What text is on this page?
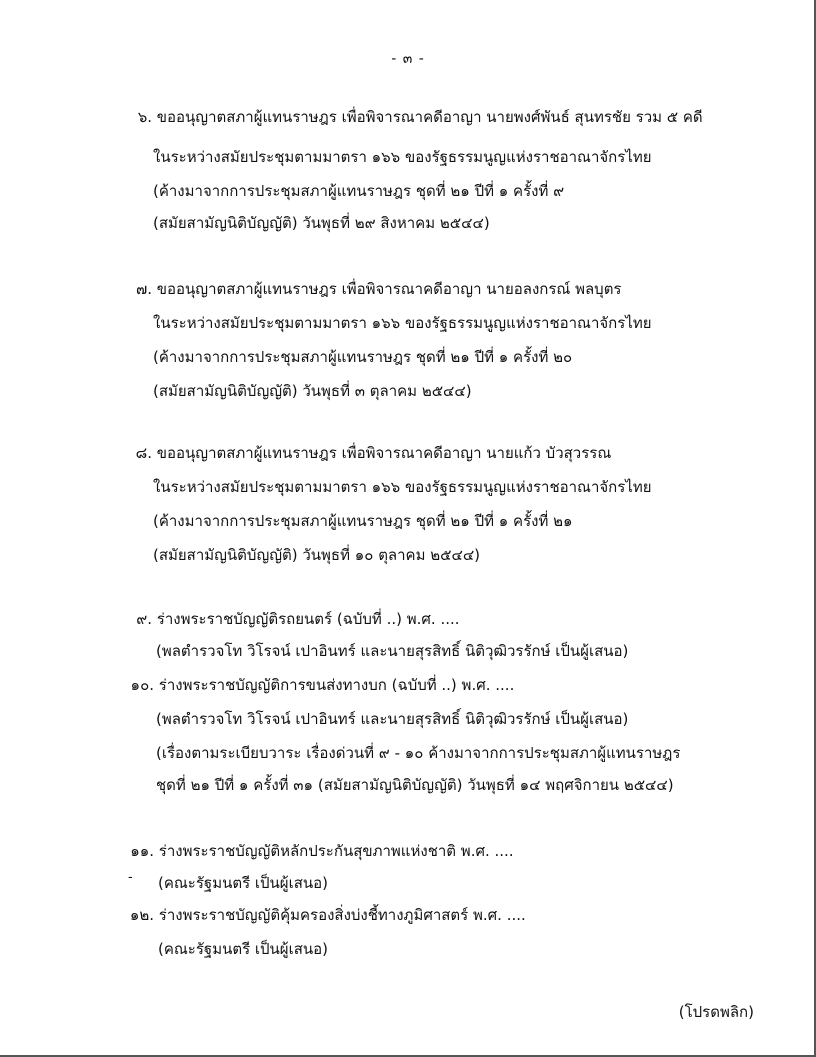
- ๓ -
๖. ขออนุญาตสภาผู้แทนราษฎร เพื่อพิจารณาคดีอาญา นายพงศ์พันธ์ สุนทรชัย รวม ๕ คดี
ในระหว่างสมัยประชุมตามมาตรา ๑๖๖ ของรัฐธรรมนูญแห่งราชอาณาจักรไทย
(ค้างมาจากการประชุมสภาผู้แทนราษฎร ชุดที่ ๒๑ ปีที่ ๑ ครั้งที่ ๙
(สมัยสามัญนิติบัญญัติ) วันพุธที่ ๒๙ สิงหาคม ๒๕๔๔)
๗. ขออนุญาตสภาผู้แทนราษฎร เพื่อพิจารณาคดีอาญา นายอลงกรณ์ พลบุตร
ในระหว่างสมัยประชุมตามมาตรา ๑๖๖ ของรัฐธรรมนูญแห่งราชอาณาจักรไทย
(ค้างมาจากการประชุมสภาผู้แทนราษฎร ชุดที่ ๒๑ ปีที่ ๑ ครั้งที่ ๒๐
(สมัยสามัญนิติบัญญัติ) วันพุธที่ ๓ ตุลาคม ๒๕๔๔)
๘. ขออนุญาตสภาผู้แทนราษฎร เพื่อพิจารณาคดีอาญา นายแก้ว บัวสุวรรณ
ในระหว่างสมัยประชุมตามมาตรา ๑๖๖ ของรัฐธรรมนูญแห่งราชอาณาจักรไทย
(ค้างมาจากการประชุมสภาผู้แทนราษฎร ชุดที่ ๒๑ ปีที่ ๑ ครั้งที่ ๒๑
(สมัยสามัญนิติบัญญัติ) วันพุธที่ ๑๐ ตุลาคม ๒๕๔๔)
๙. ร่างพระราชบัญญัติรถยนตร์ (ฉบับที่ ..) พ.ศ. ....
(พลตำรวจโท วิโรจน์ เปาอินทร์ และนายสุรสิทธิ์ นิติวุฒิวรรักษ์ เป็นผู้เสนอ)
๑๐. ร่างพระราชบัญญัติการขนส่งทางบก (ฉบับที่ ..) พ.ศ. ....
(พลตำรวจโท วิโรจน์ เปาอินทร์ และนายสุรสิทธิ์ นิติวุฒิวรรักษ์ เป็นผู้เสนอ)
(เรื่องตามระเบียบวาระ เรื่องด่วนที่ ๙ - ๑๐ ค้างมาจากการประชุมสภาผู้แทนราษฎร
ชุดที่ ๒๑ ปีที่ ๑ ครั้งที่ ๓๑ (สมัยสามัญนิติบัญญัติ) วันพุธที่ ๑๔ พฤศจิกายน ๒๕๔๔)
๑๑. ร่างพระราชบัญญัติหลักประกันสุขภาพแห่งชาติ พ.ศ. ....
- (คณะรัฐมนตรี เป็นผู้เสนอ)
๑๒. ร่างพระราชบัญญัติคุ้มครองสิ่งบ่งชี้ทางภูมิศาสตร์ พ.ศ. ....
(คณะรัฐมนตรี เป็นผู้เสนอ)
(โปรดพลิก)
